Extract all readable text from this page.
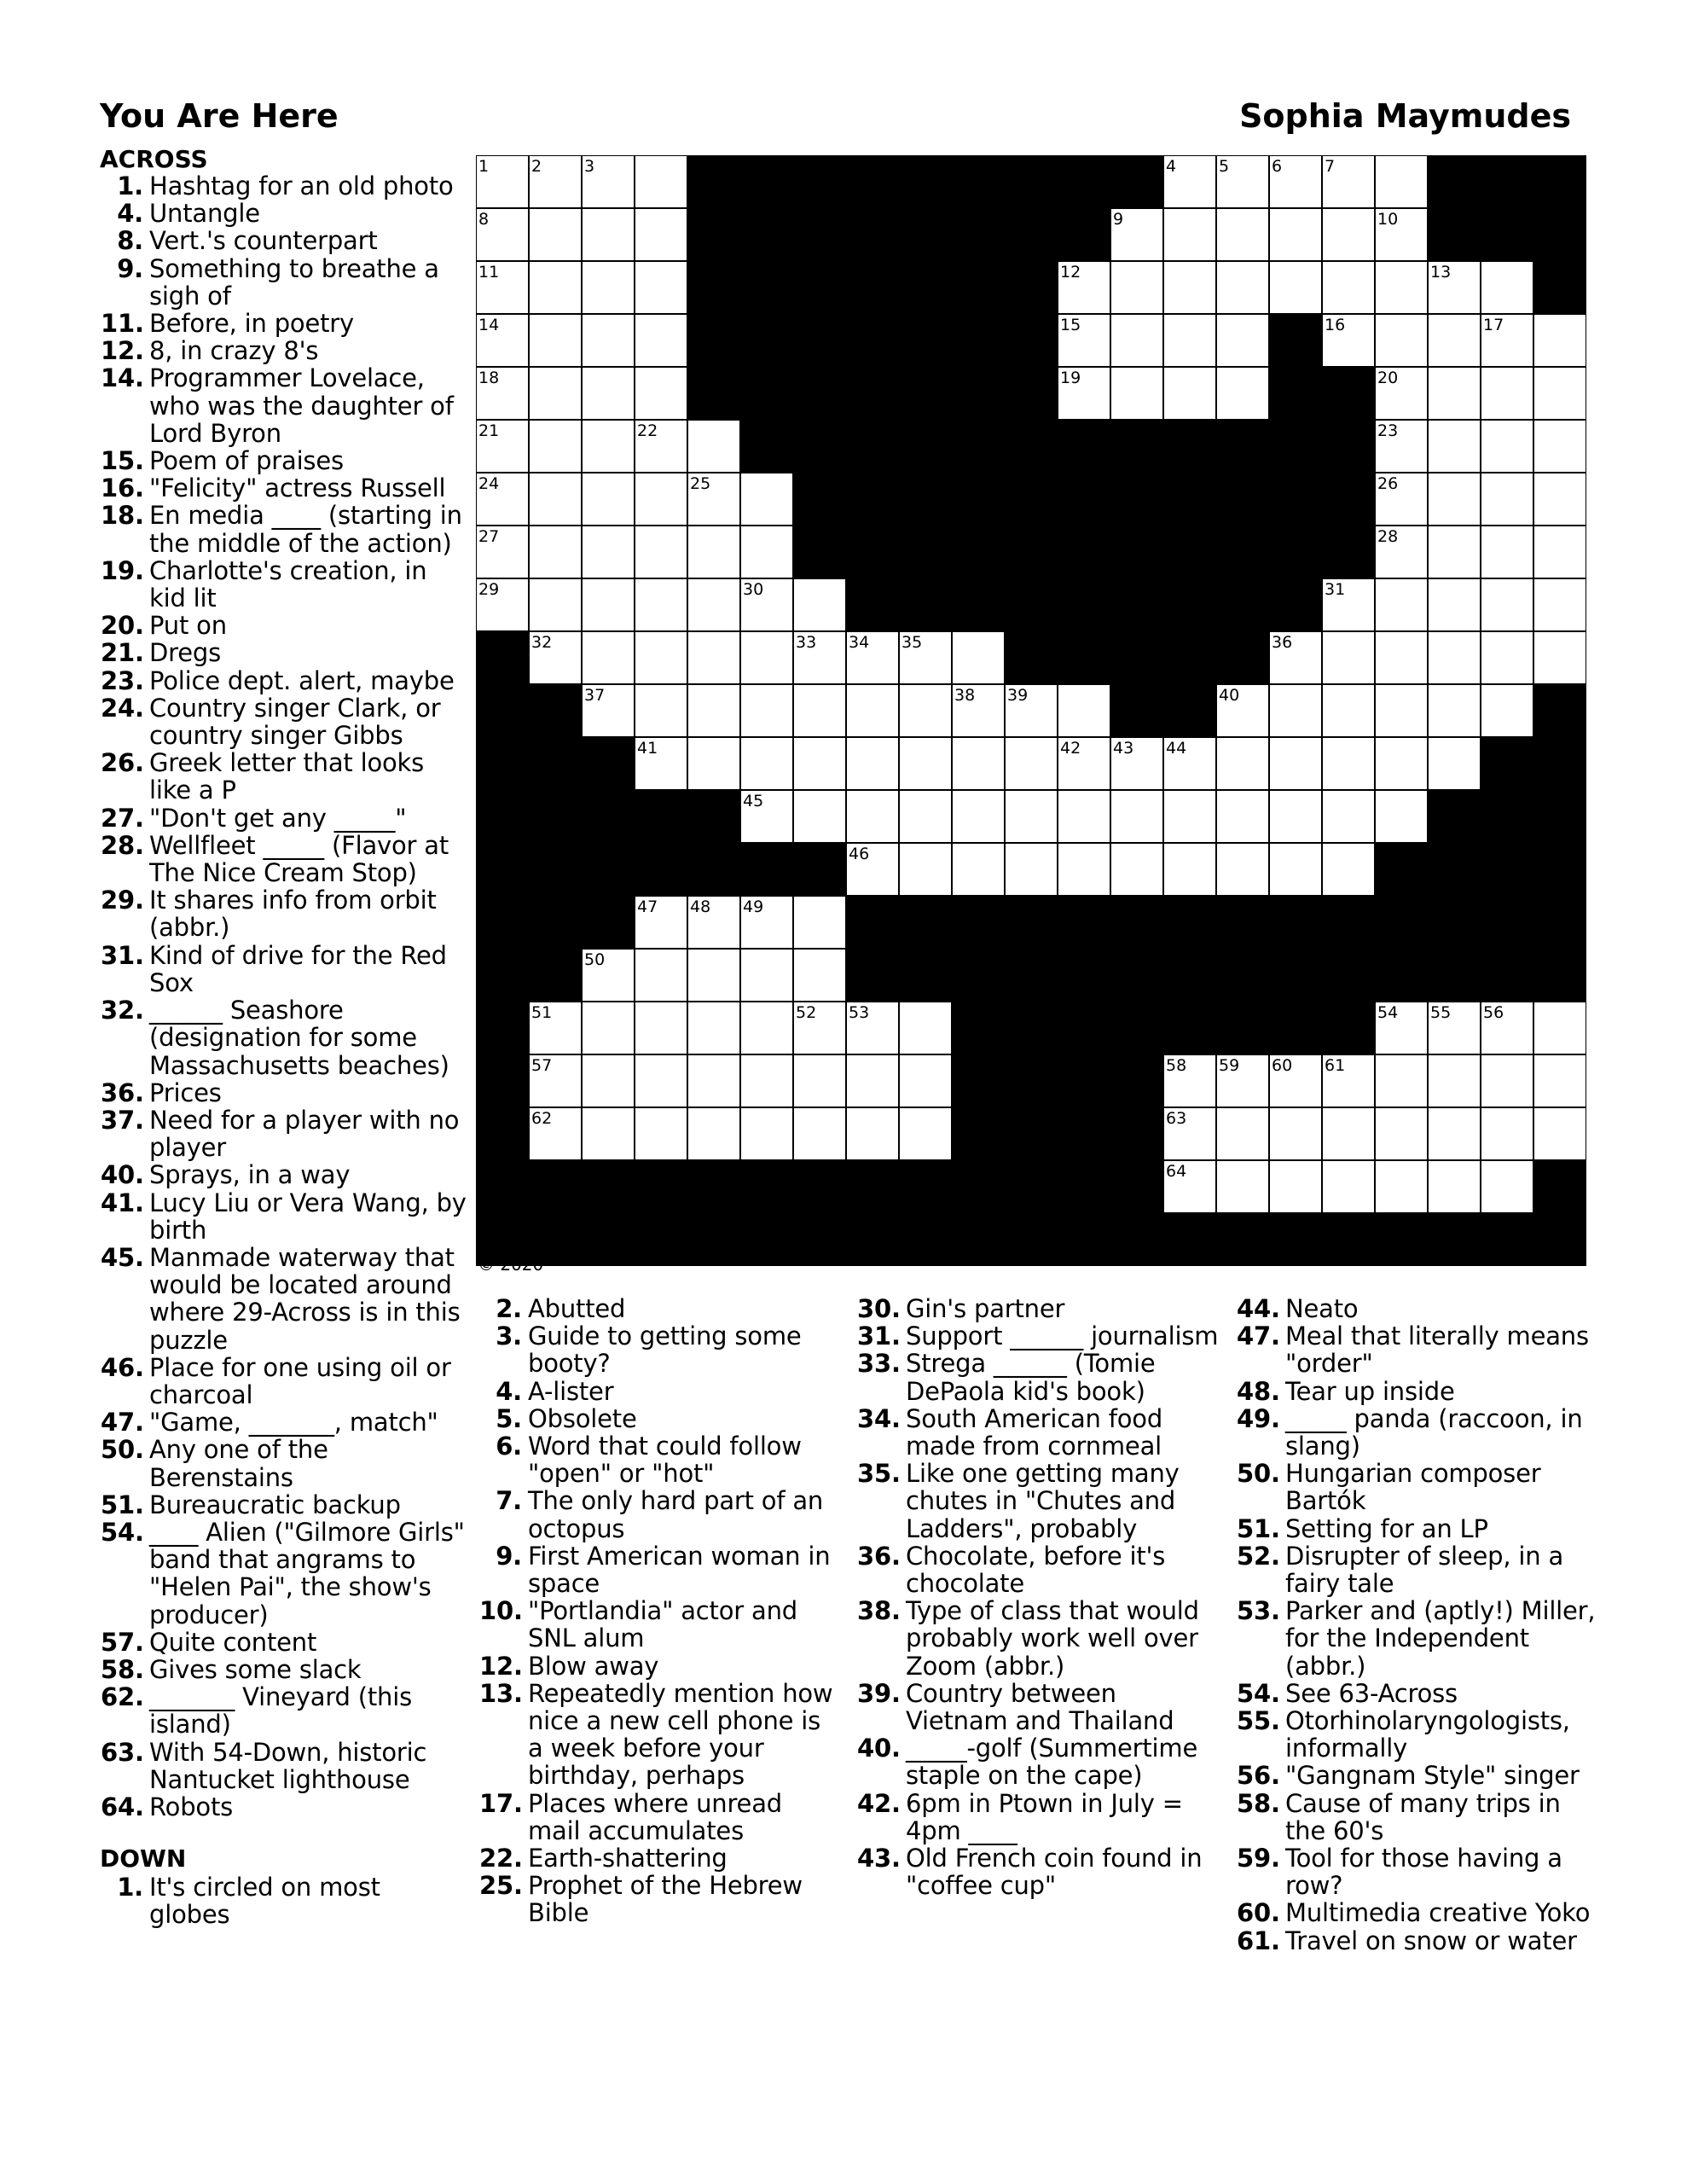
You Are Here	Sophia Maymudes
ACROSS
1. Hashtag for an old photo
4. Untangle
8. Vert.'s counterpart
9. Something to breathe a sigh of
11. Before, in poetry
12. 8, in crazy 8's
14. Programmer Lovelace, who was the daughter of Lord Byron
15. Poem of praises
16. "Felicity" actress Russell
18. En media ____ (starting in the middle of the action)
19. Charlotte's creation, in kid lit
20. Put on
21. Dregs
23. Police dept. alert, maybe
24. Country singer Clark, or country singer Gibbs
26. Greek letter that looks like a P
27. "Don't get any _____"
28. Wellfleet _____ (Flavor at The Nice Cream Stop)
29. It shares info from orbit (abbr.)
31. Kind of drive for the Red Sox
32. ______ Seashore (designation for some Massachusetts beaches)
36. Prices
37. Need for a player with no player
40. Sprays, in a way
41. Lucy Liu or Vera Wang, by birth
45. Manmade waterway that would be located around where 29-Across is in this puzzle
46. Place for one using oil or charcoal
47. "Game, _______, match"
50. Any one of the Berenstains
51. Bureaucratic backup
54. ____ Alien ("Gilmore Girls" band that angrams to "Helen Pai", the show's producer)
57. Quite content
58. Gives some slack
62. _______ Vineyard (this island)
63. With 54-Down, historic Nantucket lighthouse
64. Robots
DOWN
1. It's circled on most globes
2. Abutted
3. Guide to getting some booty?
4. A-lister
5. Obsolete
6. Word that could follow "open" or "hot"
7. The only hard part of an octopus
9. First American woman in space
10. "Portlandia" actor and SNL alum
12. Blow away
13. Repeatedly mention how nice a new cell phone is a week before your birthday, perhaps
17. Places where unread mail accumulates
22. Earth-shattering
25. Prophet of the Hebrew Bible
30. Gin's partner
31. Support ______ journalism
33. Strega ______ (Tomie DePaola kid's book)
34. South American food made from cornmeal
35. Like one getting many chutes in "Chutes and Ladders", probably
36. Chocolate, before it's chocolate
38. Type of class that would probably work well over Zoom (abbr.)
39. Country between Vietnam and Thailand
40. _____-golf (Summertime staple on the cape)
42. 6pm in Ptown in July = 4pm ____
43. Old French coin found in "coffee cup"
44. Neato
47. Meal that literally means "order"
48. Tear up inside
49. _____ panda (raccoon, in slang)
50. Hungarian composer Bartók
51. Setting for an LP
52. Disrupter of sleep, in a fairy tale
53. Parker and (aptly!) Miller, for the Independent (abbr.)
54. See 63-Across
55. Otorhinolaryngologists, informally
56. "Gangnam Style" singer
58. Cause of many trips in the 60's
59. Tool for those having a row?
60. Multimedia creative Yoko
61. Travel on snow or water
1	2	3	4	5	6	7
8	9	10
11	12	13
14	15	16	17
18	19	20
21	22	23
24	25	26
27	28
29	30	31
32	33 34 35	36
37	38 39	40
41	42 43 44
45
46
47 48 49
50
51	52 53	54 55 56
57	58 59 60 61
62	63
64
© 2020
